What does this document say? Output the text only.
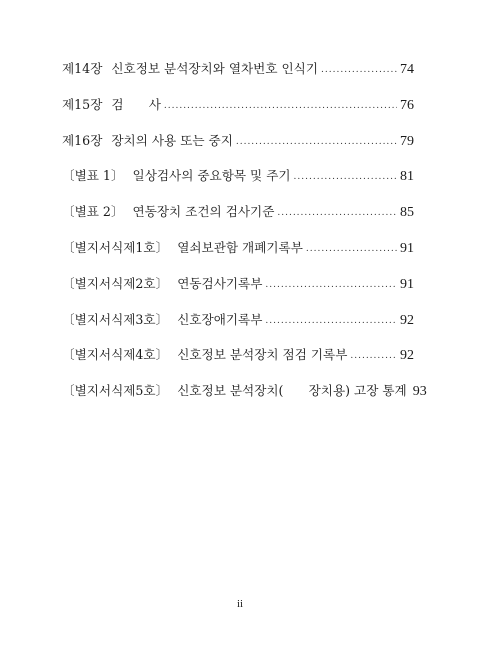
제14장 신호정보 분석장치와 열차번호 인식기 .....	74
제15장 검　　사 .....	76
제16장 장치의 사용 또는 중지 .....	79
〔별표 1〕 일상검사의 중요항목 및 주기 .....	81
〔별표 2〕 연동장치 조건의 검사기준 .....	85
〔별지서식제1호〕 열쇠보관함 개폐기록부 .....	91
〔별지서식제2호〕 연동검사기록부 .....	91
〔별지서식제3호〕 신호장애기록부 .....	92
〔별지서식제4호〕 신호정보 분석장치 점검 기록부 .....	92
〔별지서식제5호〕 신호정보 분석장치(　　장치용) 고장 통계 93
ii
